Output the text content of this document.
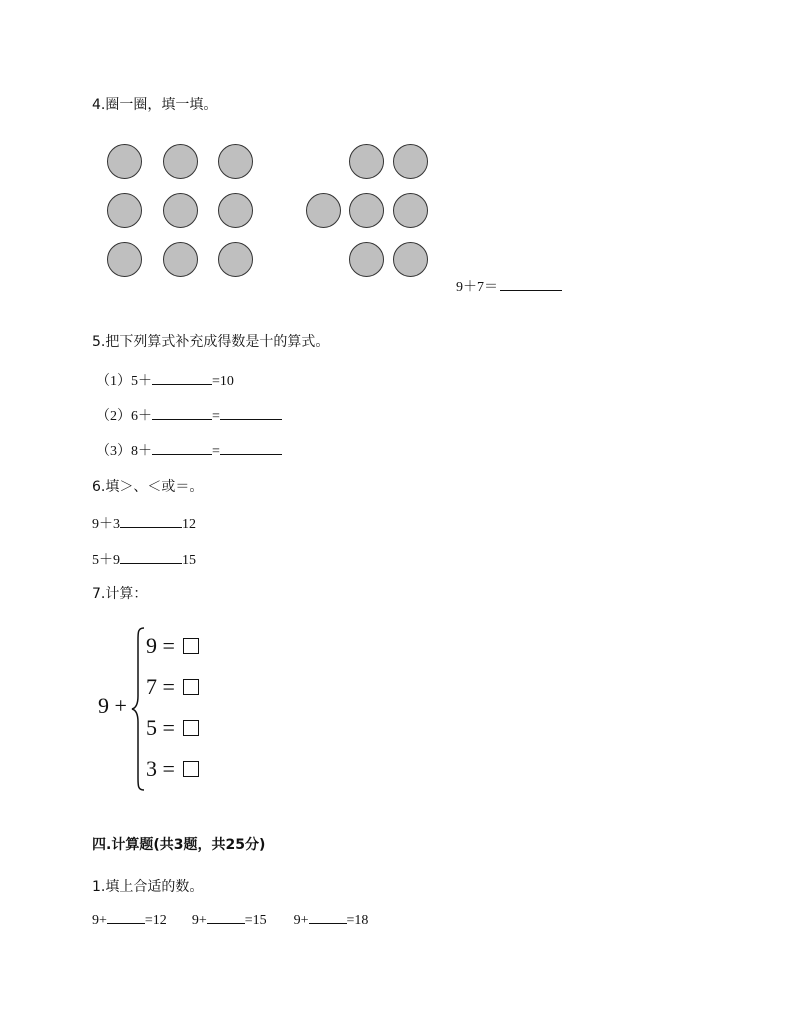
4.圈一圈，填一填。
9＋7＝
5.把下列算式补充成得数是十的算式。
（1）5＋	=10
（2）6＋	=
（3）8＋	=
6.填＞、＜或＝。
9＋3	12
5＋9	15
7.计算：
9 +
9 =
7 =
5 =
3 =
四.计算题(共3题，共25分)
1.填上合适的数。
9+	=12 9+	=15 9+	=18
